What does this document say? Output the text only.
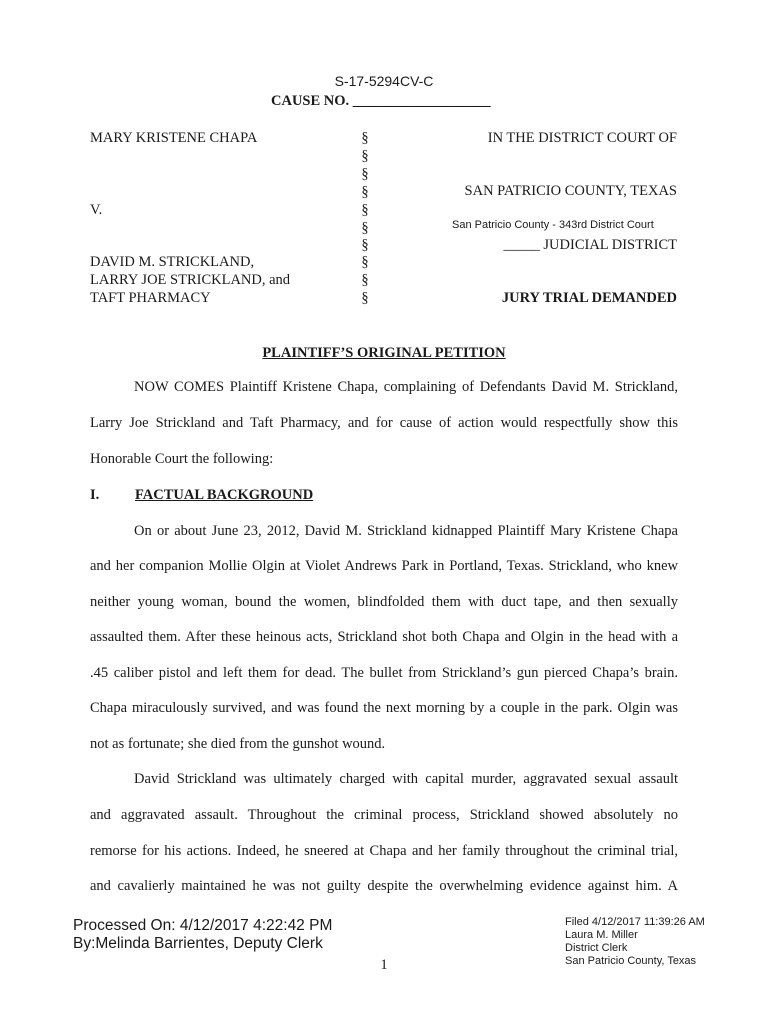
S-17-5294CV-C
CAUSE NO. ___________________
MARY KRISTENE CHAPA
V.
DAVID M. STRICKLAND,
LARRY JOE STRICKLAND, and
TAFT PHARMACY
§
§
§
§
§
§
§
§
§
§
IN THE DISTRICT COURT OF
SAN PATRICIO COUNTY, TEXAS
San Patricio County - 343rd District Court
_____ JUDICIAL DISTRICT
JURY TRIAL DEMANDED
PLAINTIFF’S ORIGINAL PETITION
NOW COMES Plaintiff Kristene Chapa, complaining of Defendants David M. Strickland,
Larry Joe Strickland and Taft Pharmacy, and for cause of action would respectfully show this
Honorable Court the following:
I. FACTUAL BACKGROUND
On or about June 23, 2012, David M. Strickland kidnapped Plaintiff Mary Kristene Chapa
and her companion Mollie Olgin at Violet Andrews Park in Portland, Texas. Strickland, who knew
neither young woman, bound the women, blindfolded them with duct tape, and then sexually
assaulted them. After these heinous acts, Strickland shot both Chapa and Olgin in the head with a
.45 caliber pistol and left them for dead. The bullet from Strickland’s gun pierced Chapa’s brain.
Chapa miraculously survived, and was found the next morning by a couple in the park. Olgin was
not as fortunate; she died from the gunshot wound.
David Strickland was ultimately charged with capital murder, aggravated sexual assault
and aggravated assault. Throughout the criminal process, Strickland showed absolutely no
remorse for his actions. Indeed, he sneered at Chapa and her family throughout the criminal trial,
and cavalierly maintained he was not guilty despite the overwhelming evidence against him. A
Processed On: 4/12/2017 4:22:42 PM
By:Melinda Barrientes, Deputy Clerk
Filed 4/12/2017 11:39:26 AM
Laura M. Miller
District Clerk
San Patricio County, Texas
1
